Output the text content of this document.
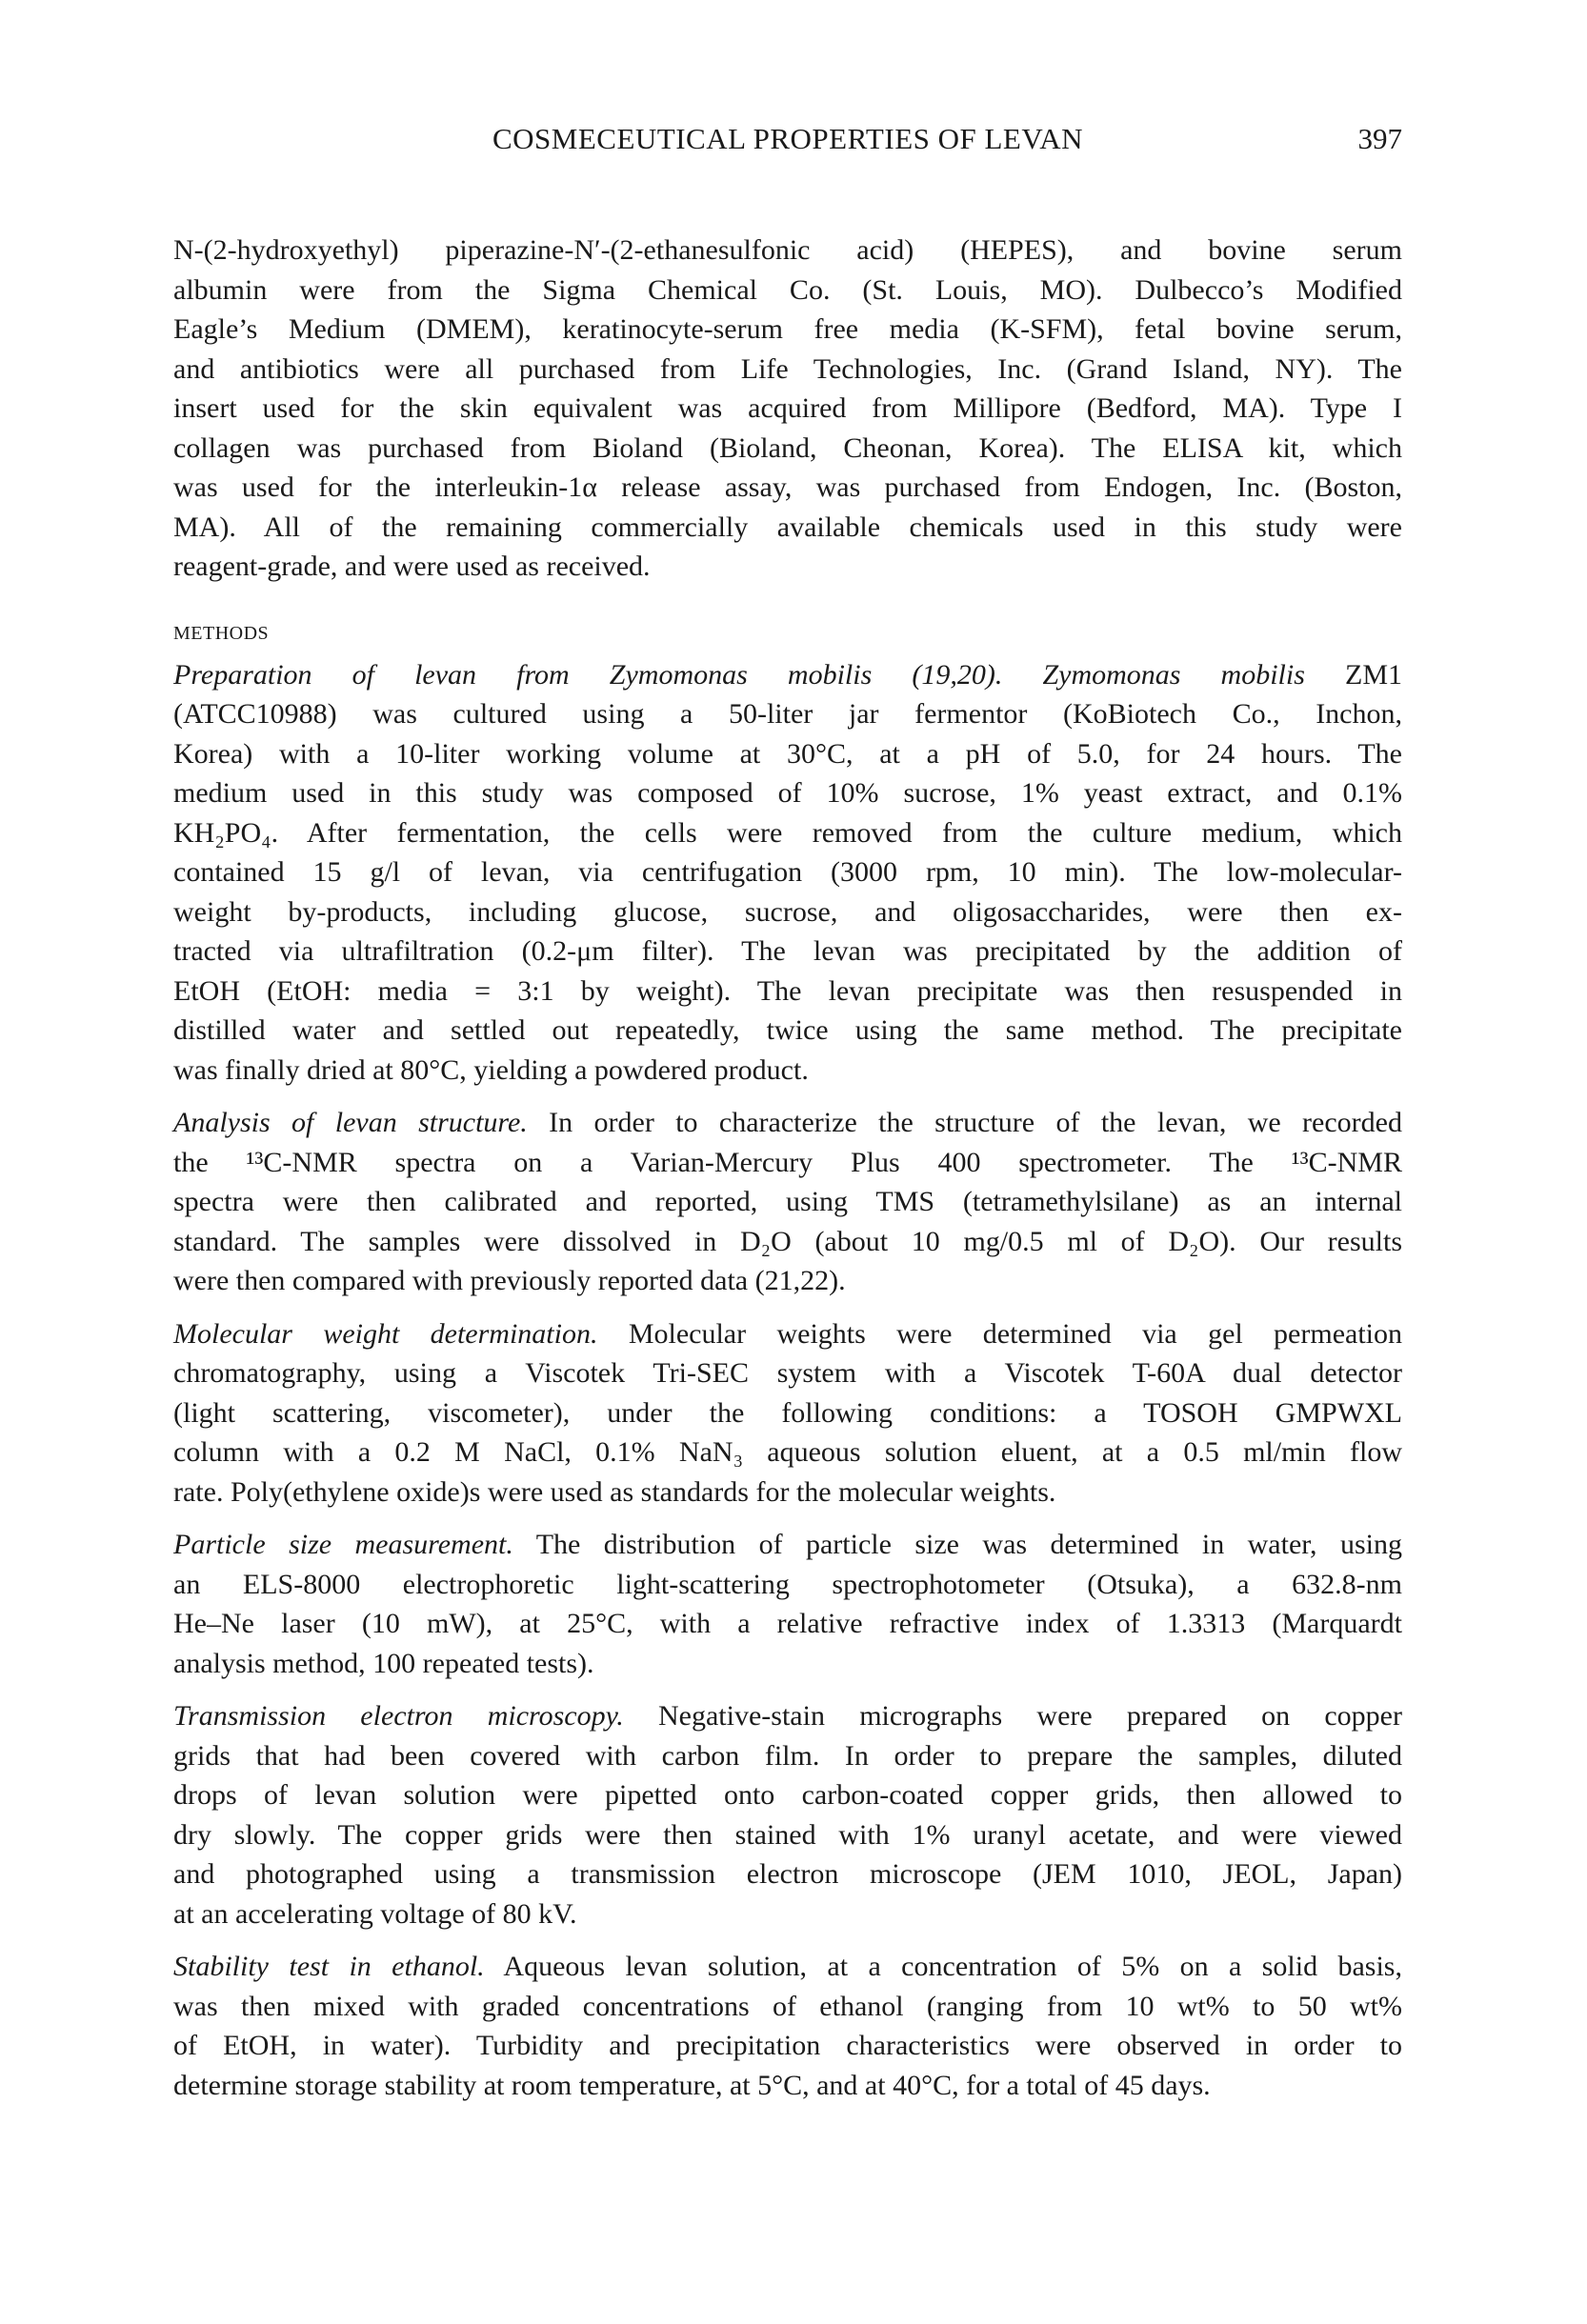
COSMECEUTICAL PROPERTIES OF LEVAN	397
N-(2-hydroxyethyl) piperazine-N′-(2-ethanesulfonic acid) (HEPES), and bovine serum
albumin were from the Sigma Chemical Co. (St. Louis, MO). Dulbecco’s Modified
Eagle’s Medium (DMEM), keratinocyte-serum free media (K-SFM), fetal bovine serum,
and antibiotics were all purchased from Life Technologies, Inc. (Grand Island, NY). The
insert used for the skin equivalent was acquired from Millipore (Bedford, MA). Type I
collagen was purchased from Bioland (Bioland, Cheonan, Korea). The ELISA kit, which
was used for the interleukin-1α release assay, was purchased from Endogen, Inc. (Boston,
MA). All of the remaining commercially available chemicals used in this study were
reagent-grade, and were used as received.
METHODS
Preparation of levan from Zymomonas mobilis (19,20). Zymomonas mobilis ZM1
(ATCC10988) was cultured using a 50-liter jar fermentor (KoBiotech Co., Inchon,
Korea) with a 10-liter working volume at 30°C, at a pH of 5.0, for 24 hours. The
medium used in this study was composed of 10% sucrose, 1% yeast extract, and 0.1%
KH₂PO₄. After fermentation, the cells were removed from the culture medium, which
contained 15 g/l of levan, via centrifugation (3000 rpm, 10 min). The low-molecular-
weight by-products, including glucose, sucrose, and oligosaccharides, were then ex-
tracted via ultrafiltration (0.2-μm filter). The levan was precipitated by the addition of
EtOH (EtOH: media = 3:1 by weight). The levan precipitate was then resuspended in
distilled water and settled out repeatedly, twice using the same method. The precipitate
was finally dried at 80°C, yielding a powdered product.
Analysis of levan structure. In order to characterize the structure of the levan, we recorded
the ¹³C-NMR spectra on a Varian-Mercury Plus 400 spectrometer. The ¹³C-NMR
spectra were then calibrated and reported, using TMS (tetramethylsilane) as an internal
standard. The samples were dissolved in D₂O (about 10 mg/0.5 ml of D₂O). Our results
were then compared with previously reported data (21,22).
Molecular weight determination. Molecular weights were determined via gel permeation
chromatography, using a Viscotek Tri-SEC system with a Viscotek T-60A dual detector
(light scattering, viscometer), under the following conditions: a TOSOH GMPWXL
column with a 0.2 M NaCl, 0.1% NaN₃ aqueous solution eluent, at a 0.5 ml/min flow
rate. Poly(ethylene oxide)s were used as standards for the molecular weights.
Particle size measurement. The distribution of particle size was determined in water, using
an ELS-8000 electrophoretic light-scattering spectrophotometer (Otsuka), a 632.8-nm
He–Ne laser (10 mW), at 25°C, with a relative refractive index of 1.3313 (Marquardt
analysis method, 100 repeated tests).
Transmission electron microscopy. Negative-stain micrographs were prepared on copper
grids that had been covered with carbon film. In order to prepare the samples, diluted
drops of levan solution were pipetted onto carbon-coated copper grids, then allowed to
dry slowly. The copper grids were then stained with 1% uranyl acetate, and were viewed
and photographed using a transmission electron microscope (JEM 1010, JEOL, Japan)
at an accelerating voltage of 80 kV.
Stability test in ethanol. Aqueous levan solution, at a concentration of 5% on a solid basis,
was then mixed with graded concentrations of ethanol (ranging from 10 wt% to 50 wt%
of EtOH, in water). Turbidity and precipitation characteristics were observed in order to
determine storage stability at room temperature, at 5°C, and at 40°C, for a total of 45 days.
